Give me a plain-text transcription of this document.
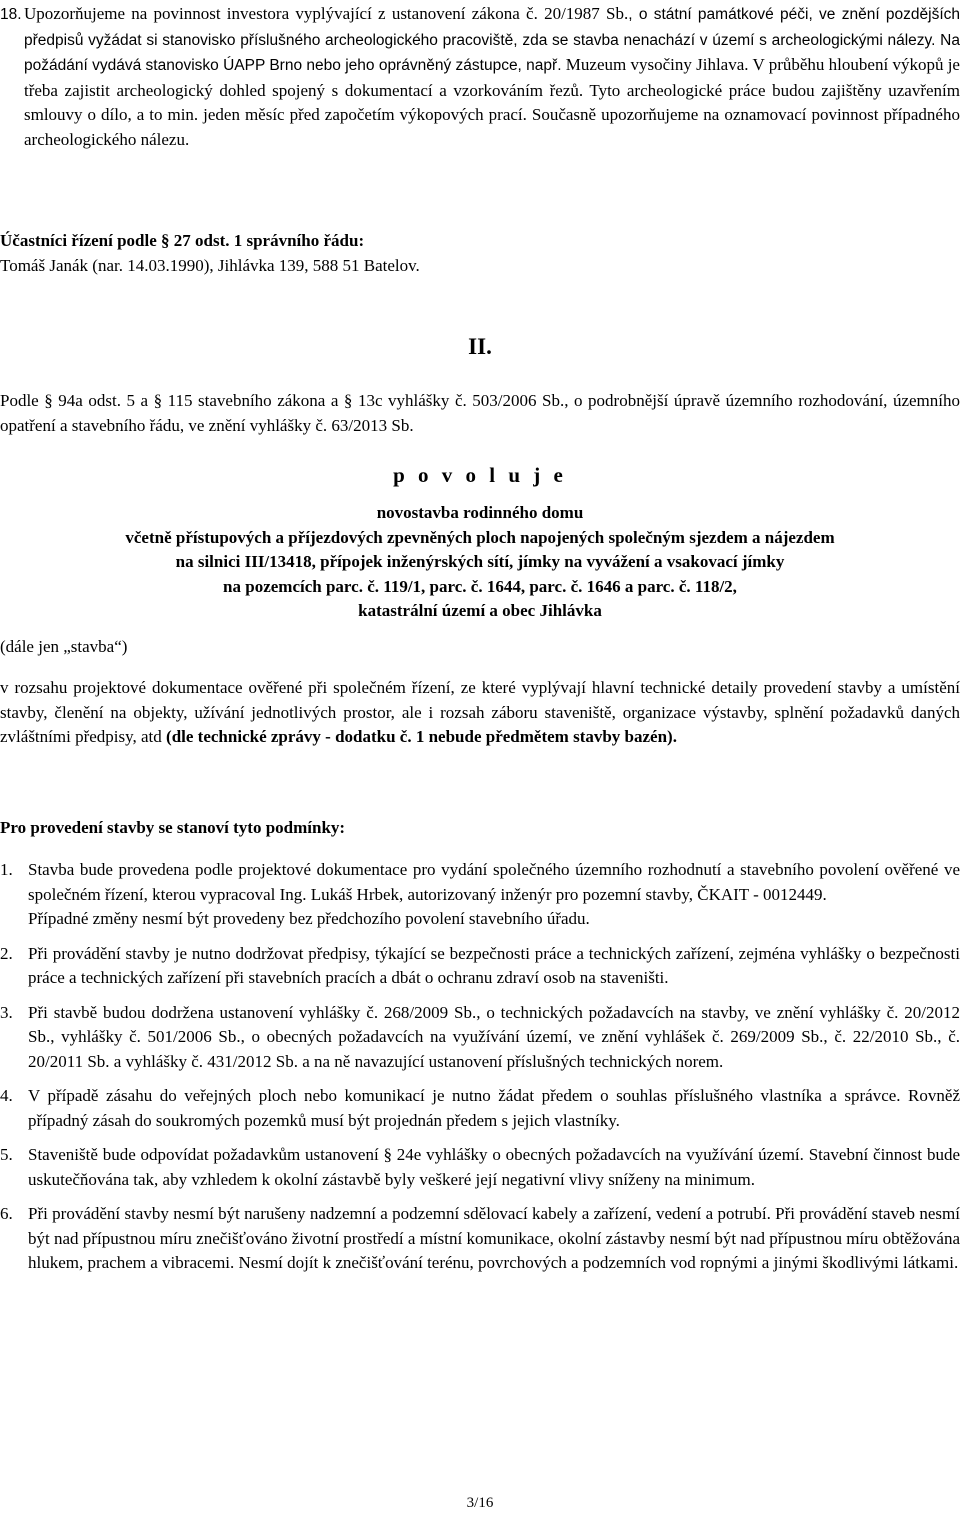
18. Upozorňujeme na povinnost investora vyplývající z ustanovení zákona č. 20/1987 Sb., o státní památkové péči, ve znění pozdějších předpisů vyžádat si stanovisko příslušného archeologického pracoviště, zda se stavba nenachází v území s archeologickými nálezy. Na požádání vydává stanovisko ÚAPP Brno nebo jeho oprávněný zástupce, např. Muzeum vysočiny Jihlava. V průběhu hloubení výkopů je třeba zajistit archeologický dohled spojený s dokumentací a vzorkováním řezů. Tyto archeologické práce budou zajištěny uzavřením smlouvy o dílo, a to min. jeden měsíc před započetím výkopových prací. Současně upozorňujeme na oznamovací povinnost případného archeologického nálezu.

Účastníci řízení podle § 27 odst. 1 správního řádu:

Tomáš Janák (nar. 14.03.1990), Jihlávka 139, 588 51 Batelov.

II.

Podle § 94a odst. 5 a § 115 stavebního zákona a § 13c vyhlášky č. 503/2006 Sb., o podrobnější úpravě územního rozhodování, územního opatření a stavebního řádu, ve znění vyhlášky č. 63/2013 Sb.

p o v o l u j e
novostavba rodinného domu
včetně přístupových a příjezdových zpevněných ploch napojených společným sjezdem a nájezdem
na silnici III/13418, přípojek inženýrských sítí, jímky na vyvážení a vsakovací jímky
na pozemcích parc. č. 119/1, parc. č. 1644, parc. č. 1646 a parc. č. 118/2,
katastrální území a obec Jihlávka

(dále jen „stavba“)

v rozsahu projektové dokumentace ověřené při společném řízení, ze které vyplývají hlavní technické detaily provedení stavby a umístění stavby, členění na objekty, užívání jednotlivých prostor, ale i rozsah záboru staveniště, organizace výstavby, splnění požadavků daných zvláštními předpisy, atd (dle technické zprávy - dodatku č. 1 nebude předmětem stavby bazén).

Pro provedení stavby se stanoví tyto podmínky:

1. Stavba bude provedena podle projektové dokumentace pro vydání společného územního rozhodnutí a stavebního povolení ověřené ve společném řízení, kterou vypracoval Ing. Lukáš Hrbek, autorizovaný inženýr pro pozemní stavby, ČKAIT - 0012449.
Případné změny nesmí být provedeny bez předchozího povolení stavebního úřadu.
2. Při provádění stavby je nutno dodržovat předpisy, týkající se bezpečnosti práce a technických zařízení, zejména vyhlášky o bezpečnosti práce a technických zařízení při stavebních pracích a dbát o ochranu zdraví osob na staveništi.
3. Při stavbě budou dodržena ustanovení vyhlášky č. 268/2009 Sb., o technických požadavcích na stavby, ve znění vyhlášky č. 20/2012 Sb., vyhlášky č. 501/2006 Sb., o obecných požadavcích na využívání území, ve znění vyhlášek č. 269/2009 Sb., č. 22/2010 Sb., č. 20/2011 Sb. a vyhlášky č. 431/2012 Sb. a na ně navazující ustanovení příslušných technických norem.
4. V případě zásahu do veřejných ploch nebo komunikací je nutno žádat předem o souhlas příslušného vlastníka a správce. Rovněž případný zásah do soukromých pozemků musí být projednán předem s jejich vlastníky.
5. Staveniště bude odpovídat požadavkům ustanovení § 24e vyhlášky o obecných požadavcích na využívání území. Stavební činnost bude uskutečňována tak, aby vzhledem k okolní zástavbě byly veškeré její negativní vlivy sníženy na minimum.
6. Při provádění stavby nesmí být narušeny nadzemní a podzemní sdělovací kabely a zařízení, vedení a potrubí. Při provádění staveb nesmí být nad přípustnou míru znečišťováno životní prostředí a místní komunikace, okolní zástavby nesmí být nad přípustnou míru obtěžována hlukem, prachem a vibracemi. Nesmí dojít k znečišťování terénu, povrchových a podzemních vod ropnými a jinými škodlivými látkami.
3/16
